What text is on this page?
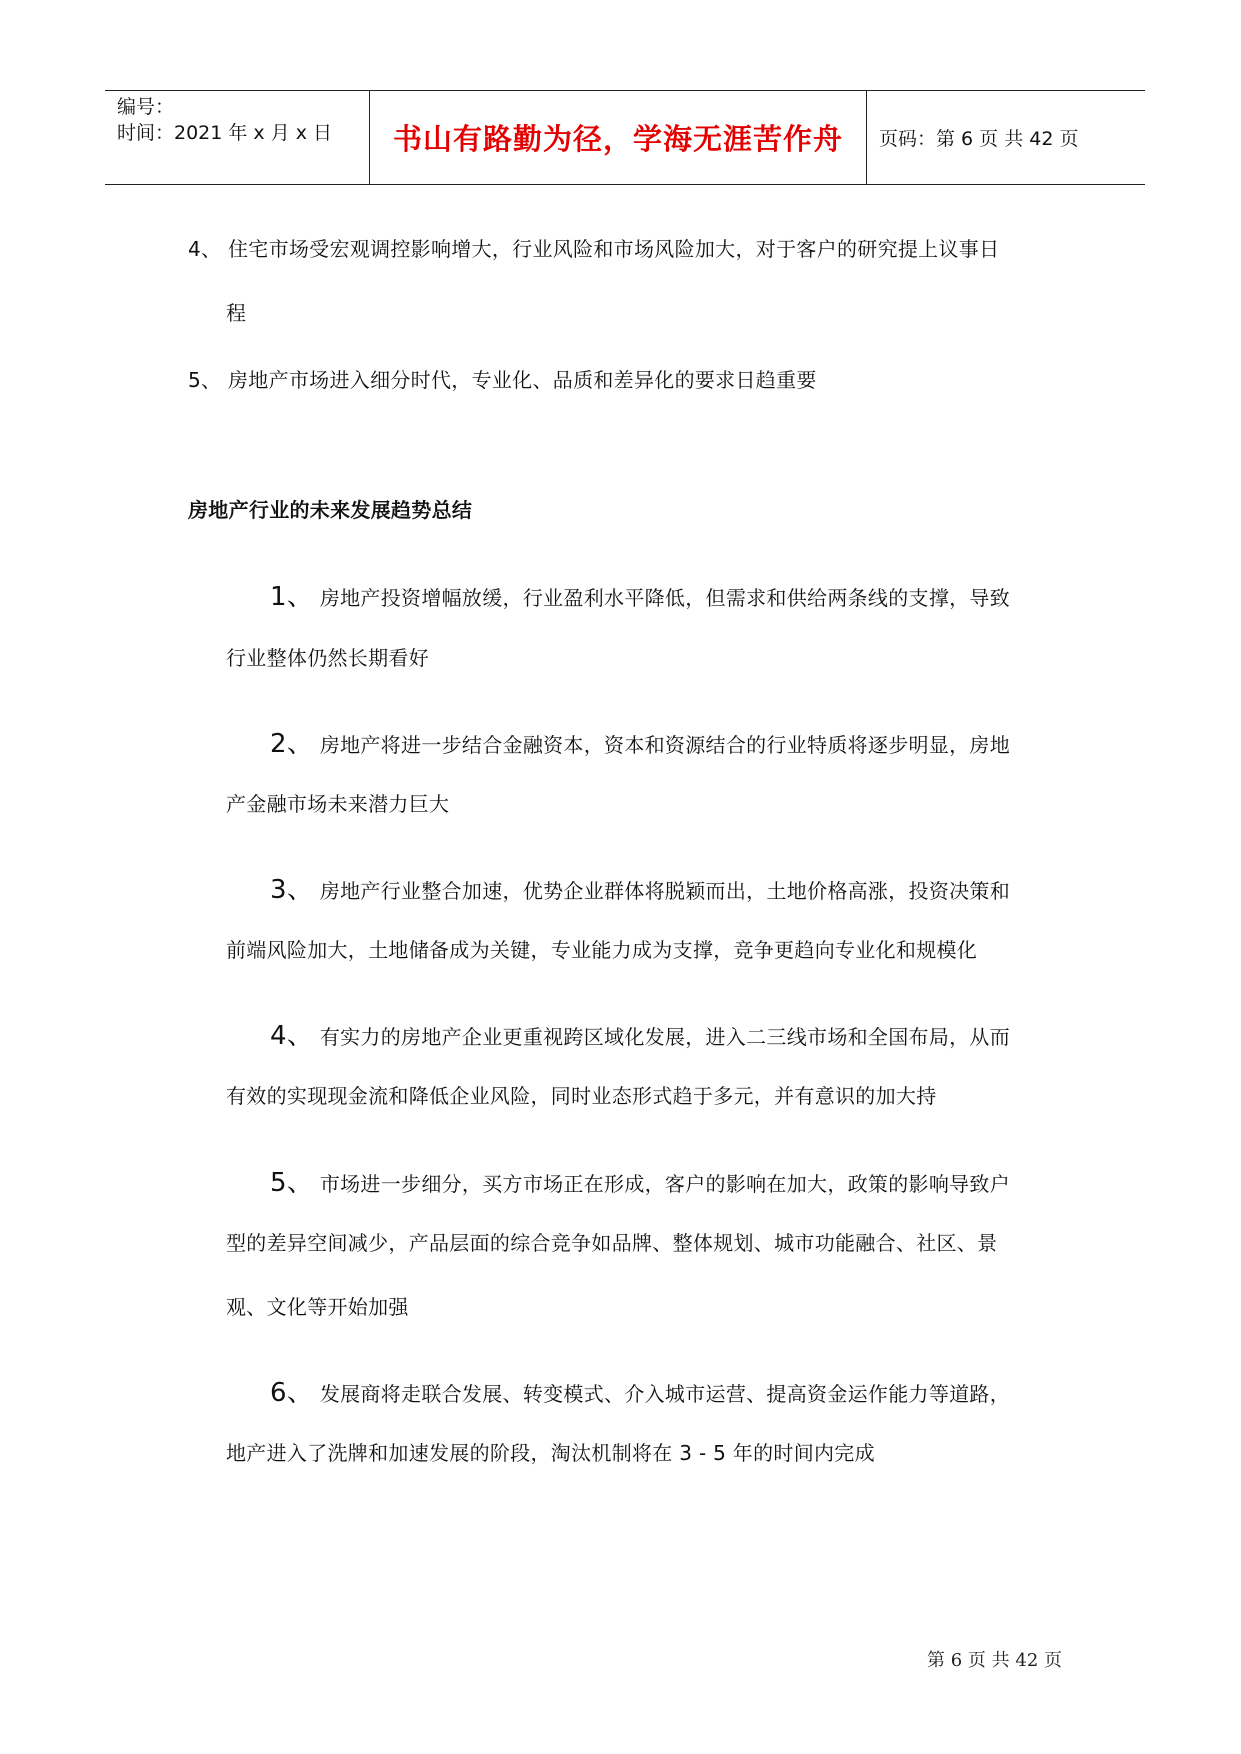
编号：
时间：2021 年 x 月 x 日 书山有路勤为径，学海无涯苦作舟 页码：第 6 页 共 42 页
4、 住宅市场受宏观调控影响增大，行业风险和市场风险加大，对于客户的研究提上议事日
程
5、 房地产市场进入细分时代，专业化、品质和差异化的要求日趋重要
房地产行业的未来发展趋势总结
1、 房地产投资增幅放缓，行业盈利水平降低，但需求和供给两条线的支撑，导致
行业整体仍然长期看好
2、 房地产将进一步结合金融资本，资本和资源结合的行业特质将逐步明显，房地
产金融市场未来潜力巨大
3、 房地产行业整合加速，优势企业群体将脱颖而出，土地价格高涨，投资决策和
前端风险加大，土地储备成为关键，专业能力成为支撑，竞争更趋向专业化和规模化
4、 有实力的房地产企业更重视跨区域化发展，进入二三线市场和全国布局，从而
有效的实现现金流和降低企业风险，同时业态形式趋于多元，并有意识的加大持
5、 市场进一步细分，买方市场正在形成，客户的影响在加大，政策的影响导致户
型的差异空间减少，产品层面的综合竞争如品牌、整体规划、城市功能融合、社区、景
观、文化等开始加强
6、 发展商将走联合发展、转变模式、介入城市运营、提高资金运作能力等道路，
地产进入了洗牌和加速发展的阶段，淘汰机制将在 3 - 5 年的时间内完成
第 6 页 共 42 页
